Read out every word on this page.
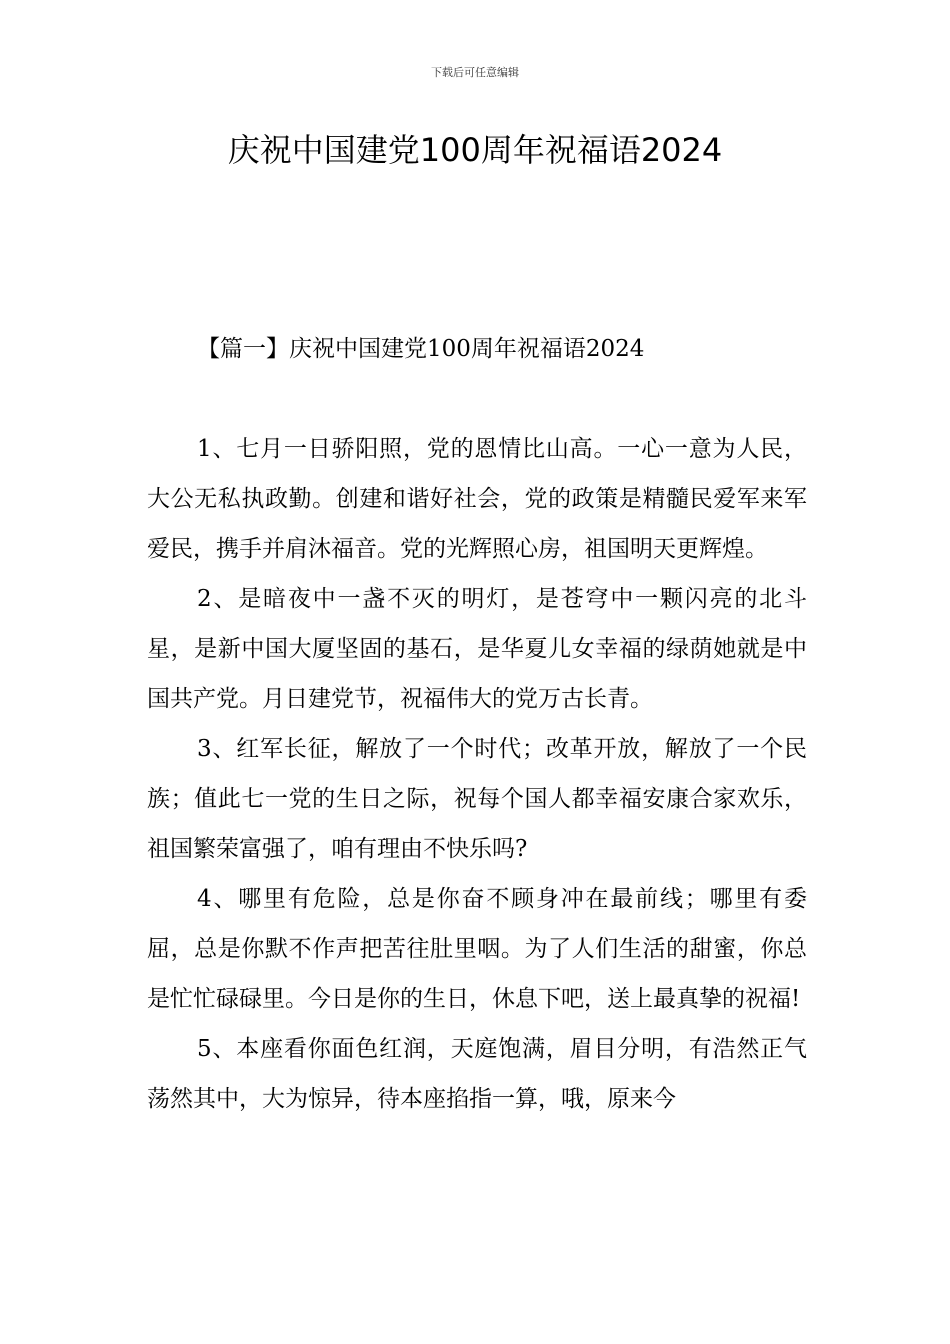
下载后可任意编辑
庆祝中国建党100周年祝福语2024
【篇一】庆祝中国建党100周年祝福语2024

1、七月一日骄阳照，党的恩情比山高。一心一意为人民，大公无私执政勤。创建和谐好社会，党的政策是精髓民爱军来军爱民，携手并肩沐福音。党的光辉照心房，祖国明天更辉煌。

2、是暗夜中一盏不灭的明灯，是苍穹中一颗闪亮的北斗星，是新中国大厦坚固的基石，是华夏儿女幸福的绿荫她就是中国共产党。月日建党节，祝福伟大的党万古长青。

3、红军长征，解放了一个时代；改革开放，解放了一个民族；值此七一党的生日之际，祝每个国人都幸福安康合家欢乐，祖国繁荣富强了，咱有理由不快乐吗?

4、哪里有危险，总是你奋不顾身冲在最前线；哪里有委屈，总是你默不作声把苦往肚里咽。为了人们生活的甜蜜，你总是忙忙碌碌里。今日是你的生日，休息下吧，送上最真挚的祝福!

5、本座看你面色红润，天庭饱满，眉目分明，有浩然正气荡然其中，大为惊异，待本座掐指一算，哦，原来今
